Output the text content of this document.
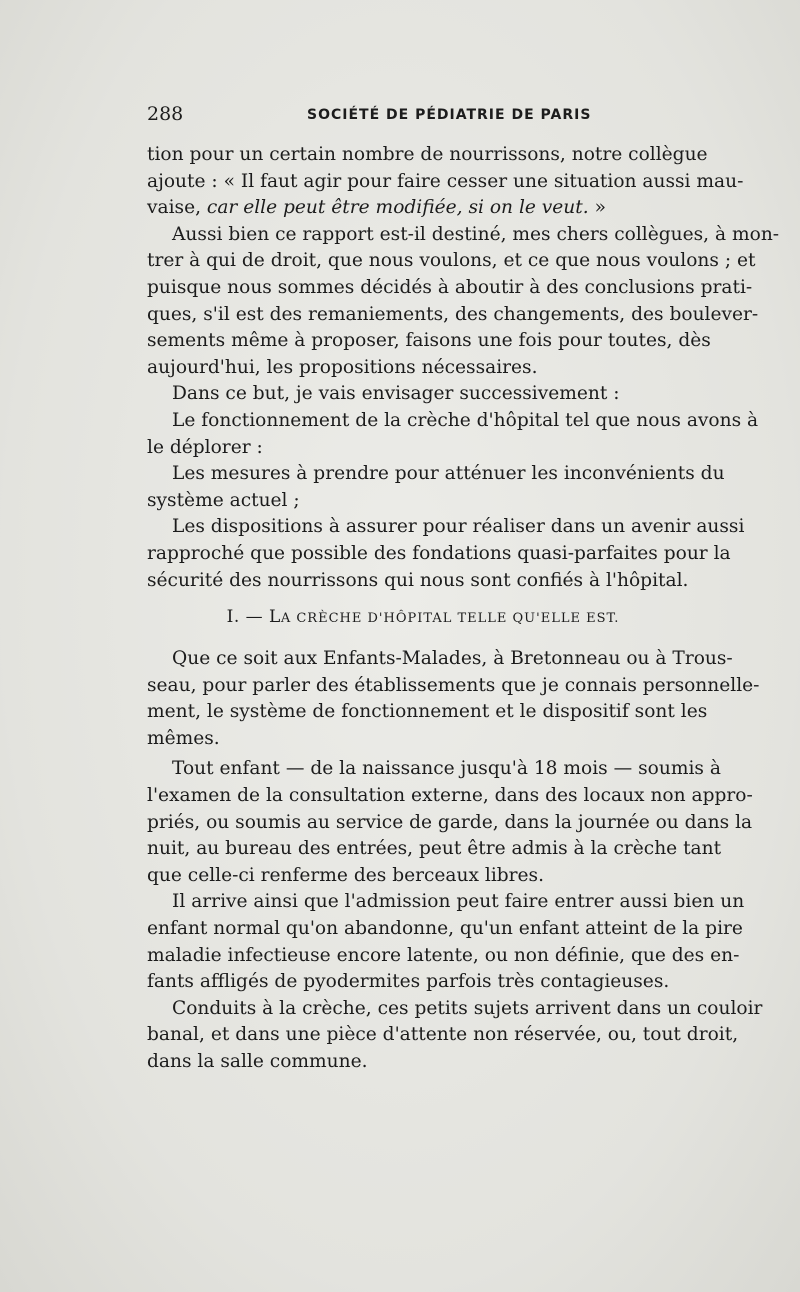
288	SOCIÉTÉ DE PÉDIATRIE DE PARIS
tion pour un certain nombre de nourrissons, notre collègue
ajoute : « Il faut agir pour faire cesser une situation aussi mau-
vaise, car elle peut être modifiée, si on le veut. »
Aussi bien ce rapport est-il destiné, mes chers collègues, à mon-
trer à qui de droit, que nous voulons, et ce que nous voulons ; et
puisque nous sommes décidés à aboutir à des conclusions prati-
ques, s'il est des remaniements, des changements, des boulever-
sements même à proposer, faisons une fois pour toutes, dès
aujourd'hui, les propositions nécessaires.
Dans ce but, je vais envisager successivement :
Le fonctionnement de la crèche d'hôpital tel que nous avons à
le déplorer :
Les mesures à prendre pour atténuer les inconvénients du
système actuel ;
Les dispositions à assurer pour réaliser dans un avenir aussi
rapproché que possible des fondations quasi-parfaites pour la
sécurité des nourrissons qui nous sont confiés à l'hôpital.
I. — LA CRÈCHE D'HÔPITAL TELLE QU'ELLE EST.
Que ce soit aux Enfants-Malades, à Bretonneau ou à Trous-
seau, pour parler des établissements que je connais personnelle-
ment, le système de fonctionnement et le dispositif sont les
mêmes.
Tout enfant — de la naissance jusqu'à 18 mois — soumis à
l'examen de la consultation externe, dans des locaux non appro-
priés, ou soumis au service de garde, dans la journée ou dans la
nuit, au bureau des entrées, peut être admis à la crèche tant
que celle-ci renferme des berceaux libres.
Il arrive ainsi que l'admission peut faire entrer aussi bien un
enfant normal qu'on abandonne, qu'un enfant atteint de la pire
maladie infectieuse encore latente, ou non définie, que des en-
fants affligés de pyodermites parfois très contagieuses.
Conduits à la crèche, ces petits sujets arrivent dans un couloir
banal, et dans une pièce d'attente non réservée, ou, tout droit,
dans la salle commune.
